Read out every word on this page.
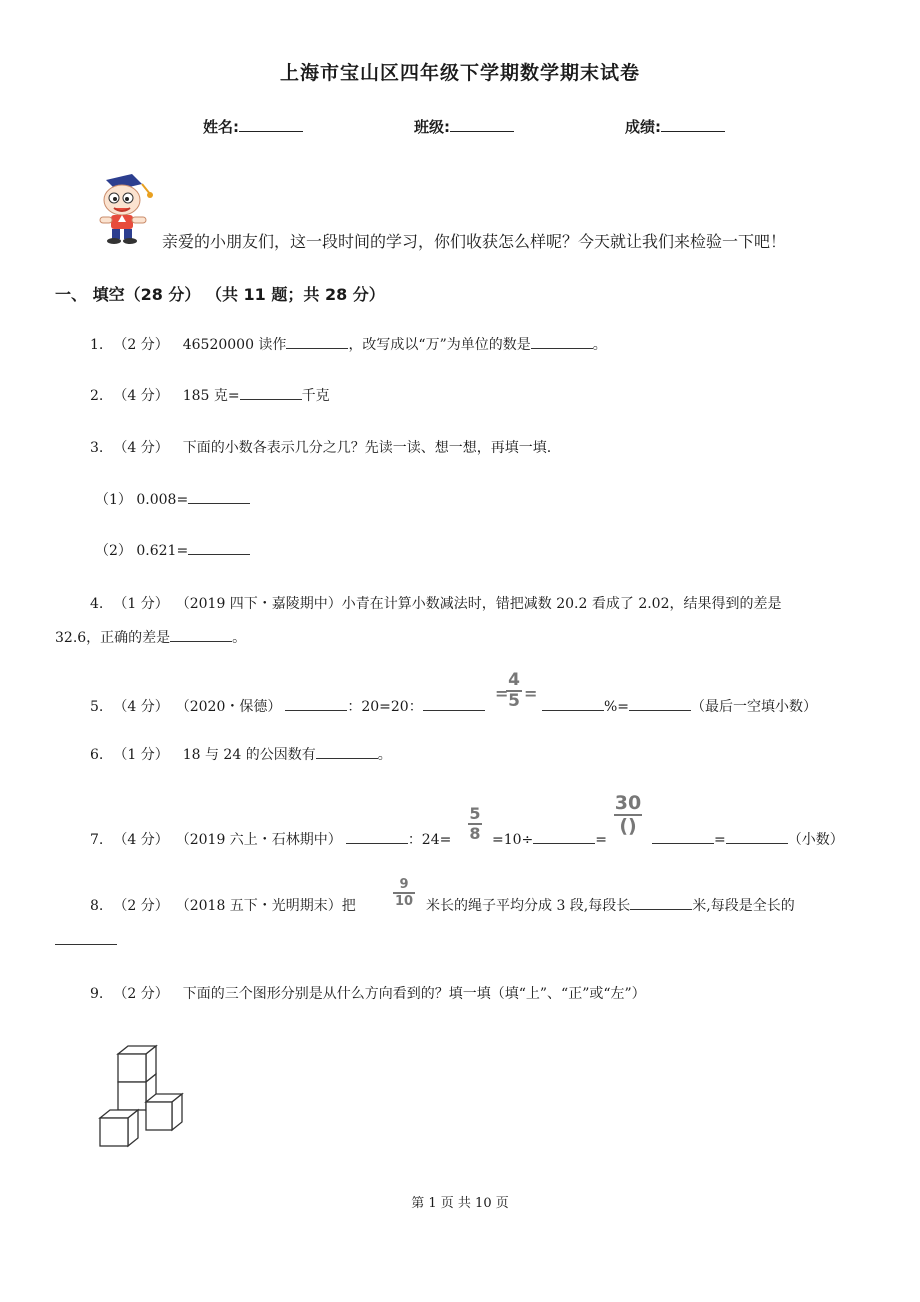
上海市宝山区四年级下学期数学期末试卷
姓名:	班级:	成绩:
亲爱的小朋友们，这一段时间的学习，你们收获怎么样呢？今天就让我们来检验一下吧！
一、 填空（28 分） （共 11 题；共 28 分）
1. （2 分） 46520000 读作	，改写成以“万”为单位的数是	。
2. （4 分） 185 克=	千克
3. （4 分） 下面的小数各表示几分之几？先读一读、想一想，再填一填.
（1） 0.008=
（2） 0.621=
4. （1 分） （2019 四下・嘉陵期中）小青在计算小数减法时，错把减数 20.2 看成了 2.02，结果得到的差是
32.6，正确的差是	。
5. （4 分） （2020・保德）	：20=20：
=
4
5 =
%=	（最后一空填小数）
6. （1 分） 18 与 24 的公因数有	。
7. （4 分） （2019 六上・石林期中）	：24=
5
8 =10÷	=
30
()
=	（小数）
8. （2 分） （2018 五下・光明期末）把
9
10 米长的绳子平均分成 3 段,每段长	米,每段是全长的
9. （2 分） 下面的三个图形分别是从什么方向看到的？填一填（填“上”、“正”或“左”）
第 1 页 共 10 页
